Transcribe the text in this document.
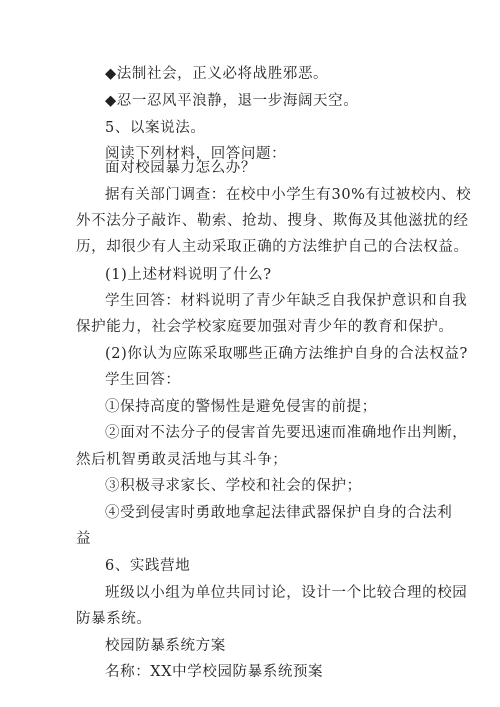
◆法制社会，正义必将战胜邪恶。
◆忍一忍风平浪静，退一步海阔天空。
5、以案说法。
阅读下列材料，回答问题：
面对校园暴力怎么办？
据有关部门调查：在校中小学生有30%有过被校内、校
外不法分子敲诈、勒索、抢劫、搜身、欺侮及其他滋扰的经
历，却很少有人主动采取正确的方法维护自己的合法权益。
(1)上述材料说明了什么?
学生回答：材料说明了青少年缺乏自我保护意识和自我
保护能力，社会学校家庭要加强对青少年的教育和保护。
(2)你认为应陈采取哪些正确方法维护自身的合法权益?
学生回答：
①保持高度的警惕性是避免侵害的前提；
②面对不法分子的侵害首先要迅速而准确地作出判断，
然后机智勇敢灵活地与其斗争；
③积极寻求家长、学校和社会的保护；
④受到侵害时勇敢地拿起法律武器保护自身的合法利
益
6、实践营地
班级以小组为单位共同讨论，设计一个比较合理的校园
防暴系统。
校园防暴系统方案
名称：XX中学校园防暴系统预案
